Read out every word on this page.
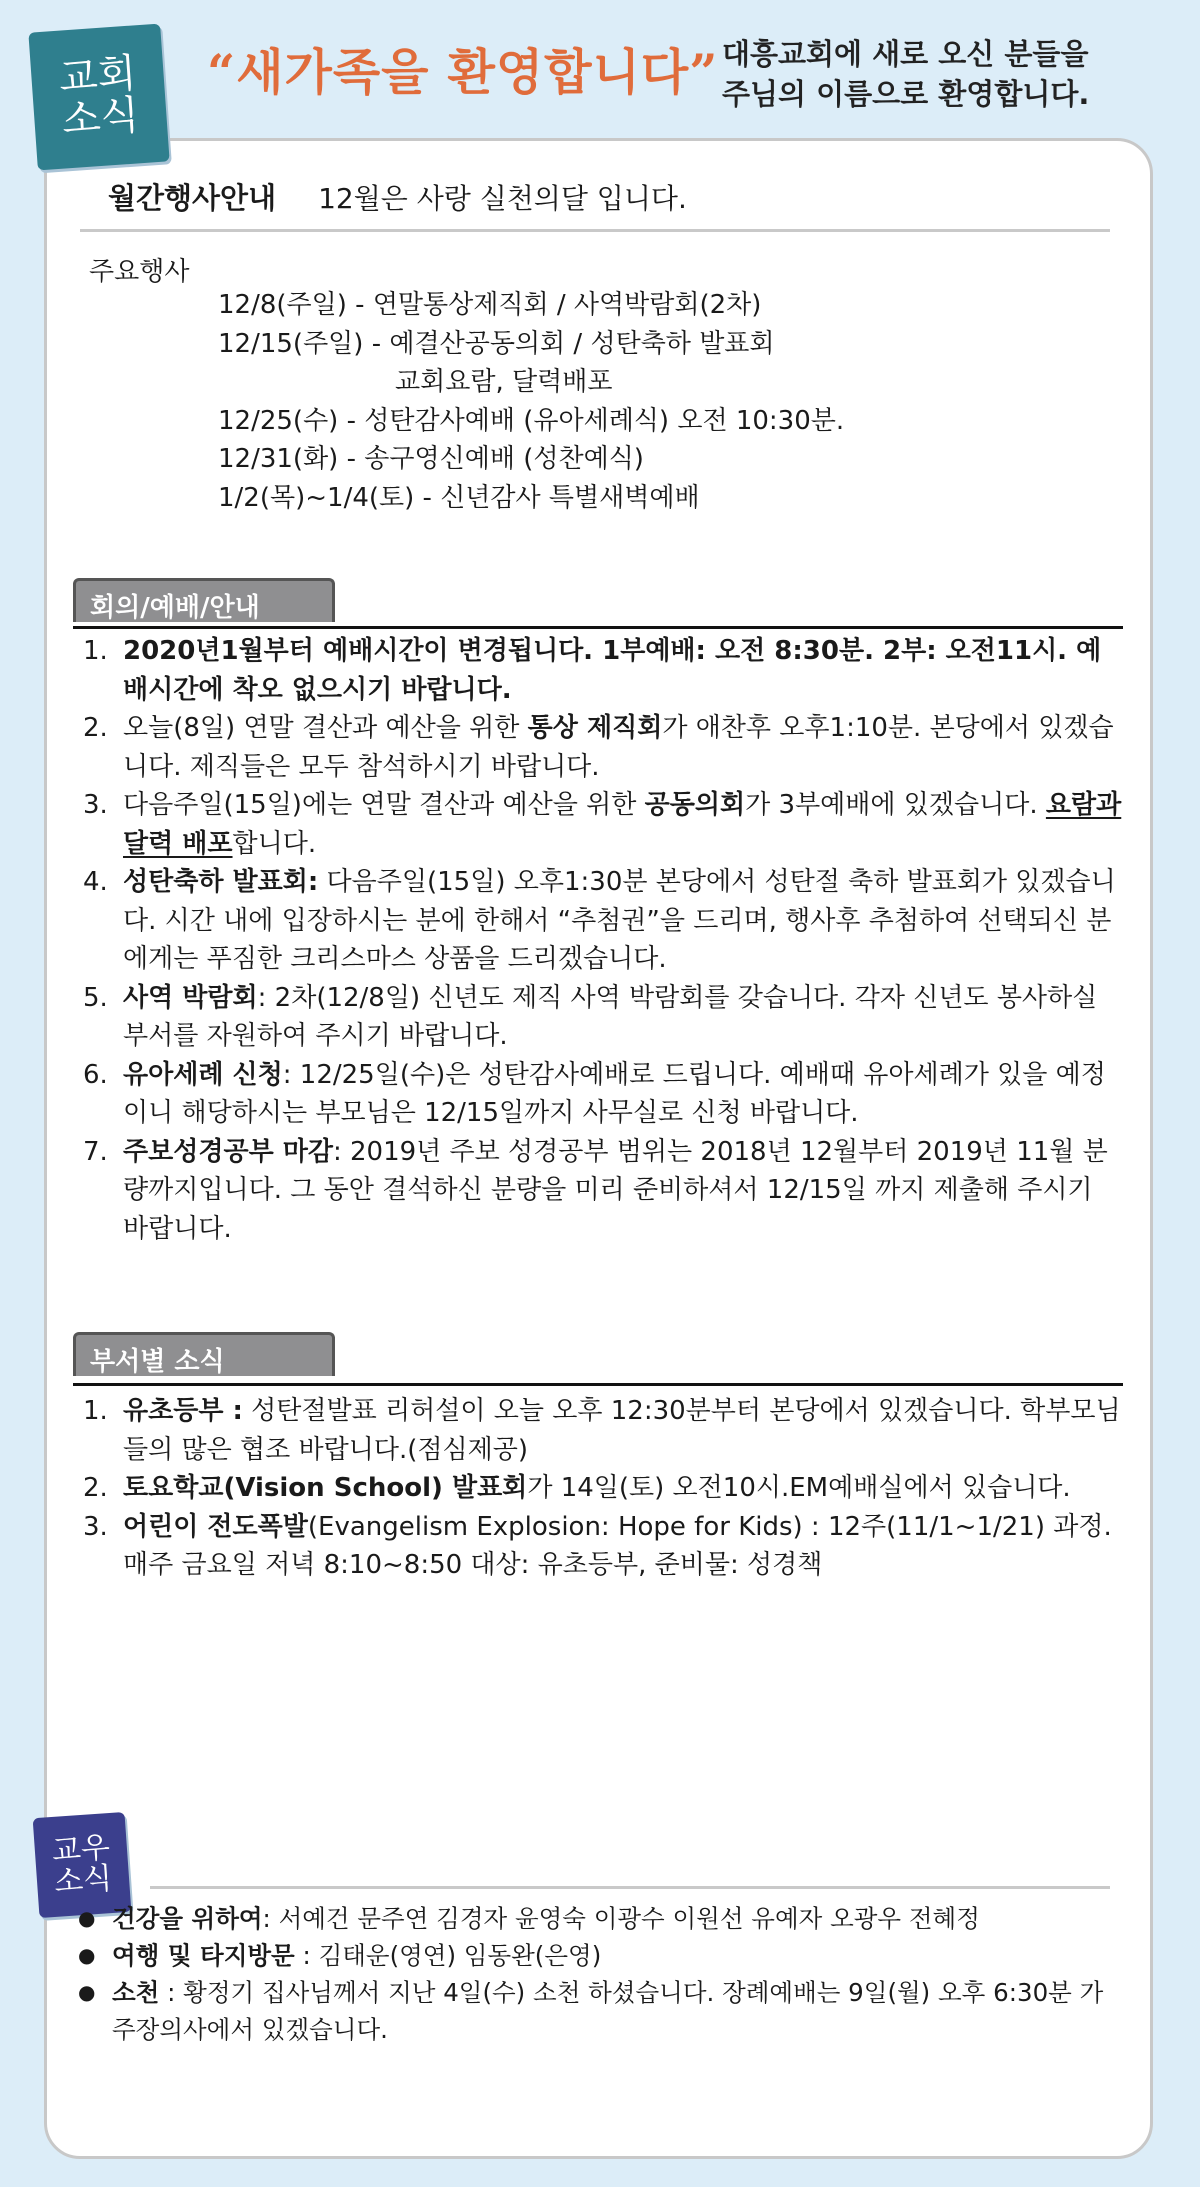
교회
소식
“새가족을 환영합니다” 대흥교회에 새로 오신 분들을
주님의 이름으로 환영합니다.
월간행사안내 12월은 사랑 실천의달 입니다.
주요행사
12/8(주일) - 연말통상제직회 / 사역박람회(2차)
12/15(주일) - 예결산공동의회 / 성탄축하 발표회
교회요람, 달력배포
12/25(수) - 성탄감사예배 (유아세례식) 오전 10:30분.
12/31(화) - 송구영신예배 (성찬예식)
1/2(목)~1/4(토) - 신년감사 특별새벽예배
회의/예배/안내
1. 2020년1월부터 예배시간이 변경됩니다. 1부예배: 오전 8:30분. 2부: 오전11시. 예배시간에 착오 없으시기 바랍니다.
2. 오늘(8일) 연말 결산과 예산을 위한 통상 제직회가 애찬후 오후1:10분. 본당에서 있겠습니다. 제직들은 모두 참석하시기 바랍니다.
3. 다음주일(15일)에는 연말 결산과 예산을 위한 공동의회가 3부예배에 있겠습니다. 요람과 달력 배포합니다.
4. 성탄축하 발표회: 다음주일(15일) 오후1:30분 본당에서 성탄절 축하 발표회가 있겠습니다. 시간 내에 입장하시는 분에 한해서 “추첨권”을 드리며, 행사후 추첨하여 선택되신 분에게는 푸짐한 크리스마스 상품을 드리겠습니다.
5. 사역 박람회: 2차(12/8일) 신년도 제직 사역 박람회를 갖습니다. 각자 신년도 봉사하실 부서를 자원하여 주시기 바랍니다.
6. 유아세례 신청: 12/25일(수)은 성탄감사예배로 드립니다. 예배때 유아세례가 있을 예정이니 해당하시는 부모님은 12/15일까지 사무실로 신청 바랍니다.
7. 주보성경공부 마감: 2019년 주보 성경공부 범위는 2018년 12월부터 2019년 11월 분량까지입니다. 그 동안 결석하신 분량을 미리 준비하셔서 12/15일 까지 제출해 주시기 바랍니다.
부서별 소식
1. 유초등부 : 성탄절발표 리허설이 오늘 오후 12:30분부터 본당에서 있겠습니다. 학부모님들의 많은 협조 바랍니다.(점심제공)
2. 토요학교(Vision School) 발표회가 14일(토) 오전10시.EM예배실에서 있습니다.
3. 어린이 전도폭발(Evangelism Explosion: Hope for Kids) : 12주(11/1~1/21) 과정. 매주 금요일 저녁 8:10~8:50 대상: 유초등부, 준비물: 성경책
교우
소식
● 건강을 위하여: 서예건 문주연 김경자 윤영숙 이광수 이원선 유예자 오광우 전혜정
● 여행 및 타지방문 : 김태운(영연) 임동완(은영)
● 소천 : 황정기 집사님께서 지난 4일(수) 소천 하셨습니다. 장례예배는 9일(월) 오후 6:30분 가주장의사에서 있겠습니다.
